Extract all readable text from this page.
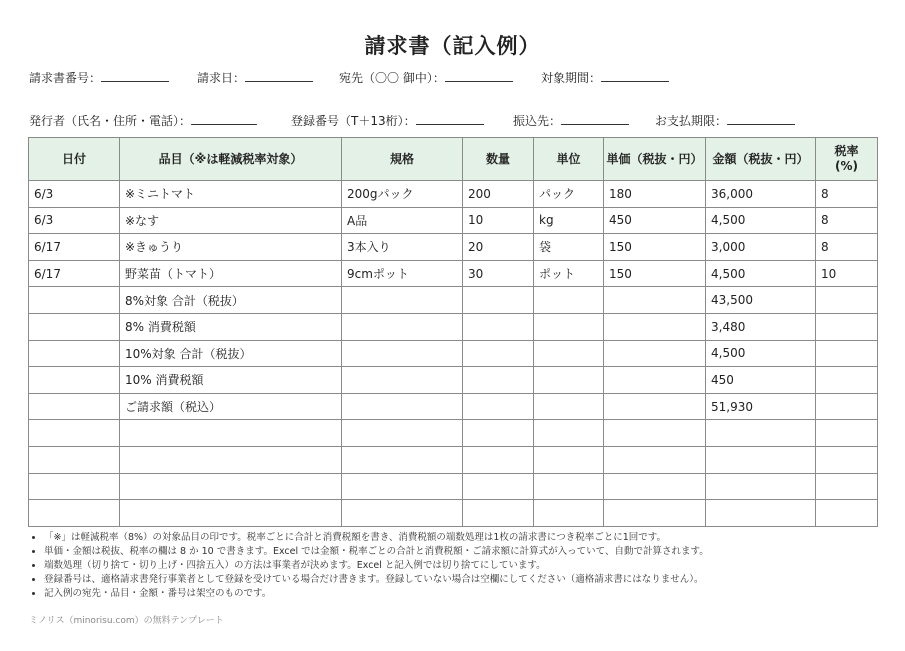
請求書（記入例）
請求書番号：	請求日：	宛先（〇〇 御中）：	対象期間：
発行者（氏名・住所・電話）：	登録番号（T＋13桁）：	振込先：	お支払期限：
日付	品目（※は軽減税率対象）	規格	数量	単位	単価（税抜・円）	金額（税抜・円）	税率
(%)
6/3	※ミニトマト	200gパック	200	パック	180	36,000	8
6/3	※なす	A品	10	kg	450	4,500	8
6/17	※きゅうり	3本入り	20	袋	150	3,000	8
6/17	野菜苗（トマト）	9cmポット	30	ポット	150	4,500	10
	8%対象 合計（税抜）					43,500	
	8% 消費税額					3,480	
	10%対象 合計（税抜）					4,500	
	10% 消費税額					450	
	ご請求額（税込）					51,930	

• 「※」は軽減税率（8%）の対象品目の印です。税率ごとに合計と消費税額を書き、消費税額の端数処理は1枚の請求書につき税率ごとに1回です。
• 単価・金額は税抜、税率の欄は 8 か 10 で書きます。Excel では金額・税率ごとの合計と消費税額・ご請求額に計算式が入っていて、自動で計算されます。
• 端数処理（切り捨て・切り上げ・四捨五入）の方法は事業者が決めます。Excel と記入例では切り捨てにしています。
• 登録番号は、適格請求書発行事業者として登録を受けている場合だけ書きます。登録していない場合は空欄にしてください（適格請求書にはなりません）。
• 記入例の宛先・品目・金額・番号は架空のものです。
ミノリス（minorisu.com）の無料テンプレート
